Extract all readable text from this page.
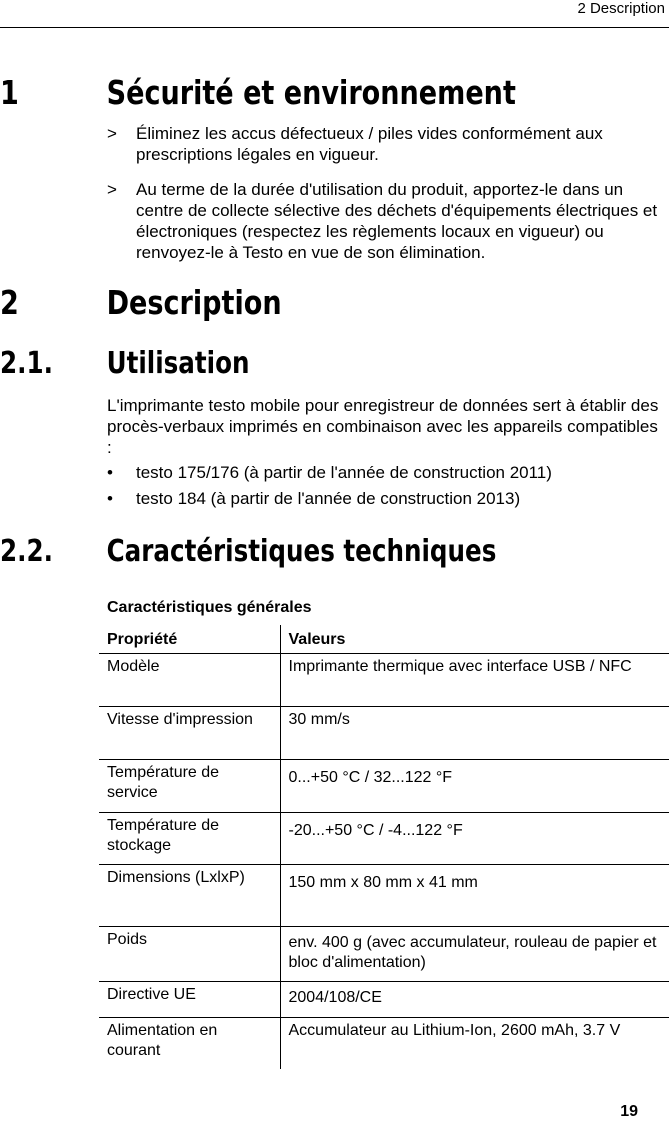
2 Description
1	Sécurité et environnement
>	Éliminez les accus défectueux / piles vides conformément aux prescriptions légales en vigueur.
>	Au terme de la durée d'utilisation du produit, apportez-le dans un centre de collecte sélective des déchets d'équipements électriques et électroniques (respectez les règlements locaux en vigueur) ou renvoyez-le à Testo en vue de son élimination.
2	Description
2.1. Utilisation
L'imprimante testo mobile pour enregistreur de données sert à établir des procès-verbaux imprimés en combinaison avec les appareils compatibles :
•	testo 175/176 (à partir de l'année de construction 2011)
•	testo 184 (à partir de l'année de construction 2013)
2.2. Caractéristiques techniques
Caractéristiques générales
Propriété	Valeurs
Modèle	Imprimante thermique avec interface USB / NFC
Vitesse d'impression	30 mm/s
Température de service	0...+50 °C / 32...122 °F
Température de stockage	-20...+50 °C / -4...122 °F
Dimensions (LxlxP)	150 mm x 80 mm x 41 mm
Poids	env. 400 g (avec accumulateur, rouleau de papier et bloc d'alimentation)
Directive UE	2004/108/CE
Alimentation en courant	Accumulateur au Lithium-Ion, 2600 mAh, 3.7 V
19
